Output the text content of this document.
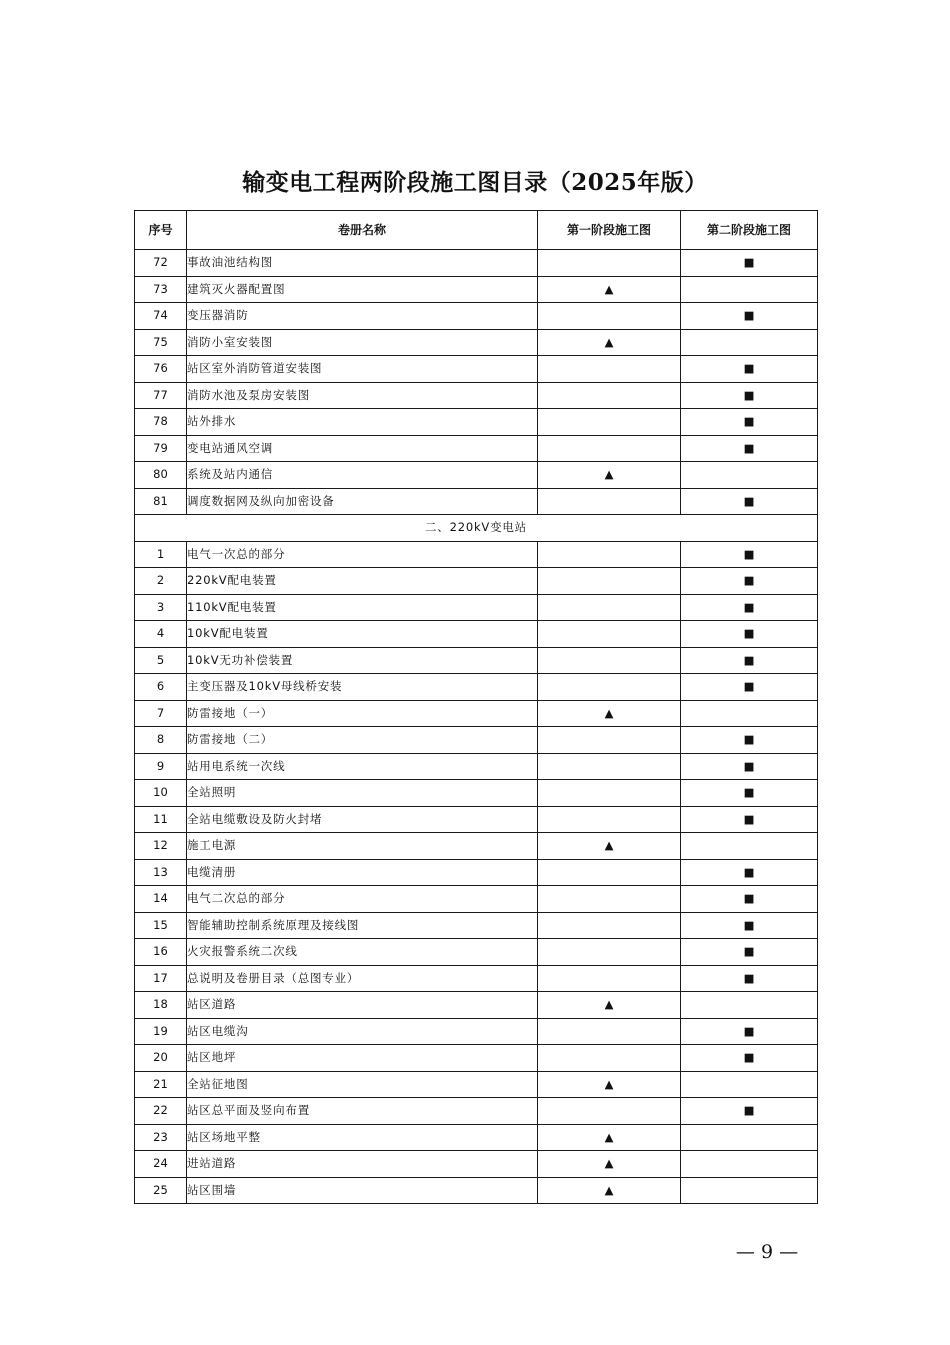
输变电工程两阶段施工图目录（2025年版）
序号	卷册名称	第一阶段施工图	第二阶段施工图
72	事故油池结构图		■
73	建筑灭火器配置图	▲	
74	变压器消防		■
75	消防小室安装图	▲	
76	站区室外消防管道安装图		■
77	消防水池及泵房安装图		■
78	站外排水		■
79	变电站通风空调		■
80	系统及站内通信	▲	
81	调度数据网及纵向加密设备		■
二、220kV变电站			
1	电气一次总的部分		■
2	220kV配电装置		■
3	110kV配电装置		■
4	10kV配电装置		■
5	10kV无功补偿装置		■
6	主变压器及10kV母线桥安装		■
7	防雷接地（一）	▲	
8	防雷接地（二）		■
9	站用电系统一次线		■
10	全站照明		■
11	全站电缆敷设及防火封堵		■
12	施工电源	▲	
13	电缆清册		■
14	电气二次总的部分		■
15	智能辅助控制系统原理及接线图		■
16	火灾报警系统二次线		■
17	总说明及卷册目录（总图专业）		■
18	站区道路	▲	
19	站区电缆沟		■
20	站区地坪		■
21	全站征地图	▲	
22	站区总平面及竖向布置		■
23	站区场地平整	▲	
24	进站道路	▲	
25	站区围墙	▲	
— 9 —
